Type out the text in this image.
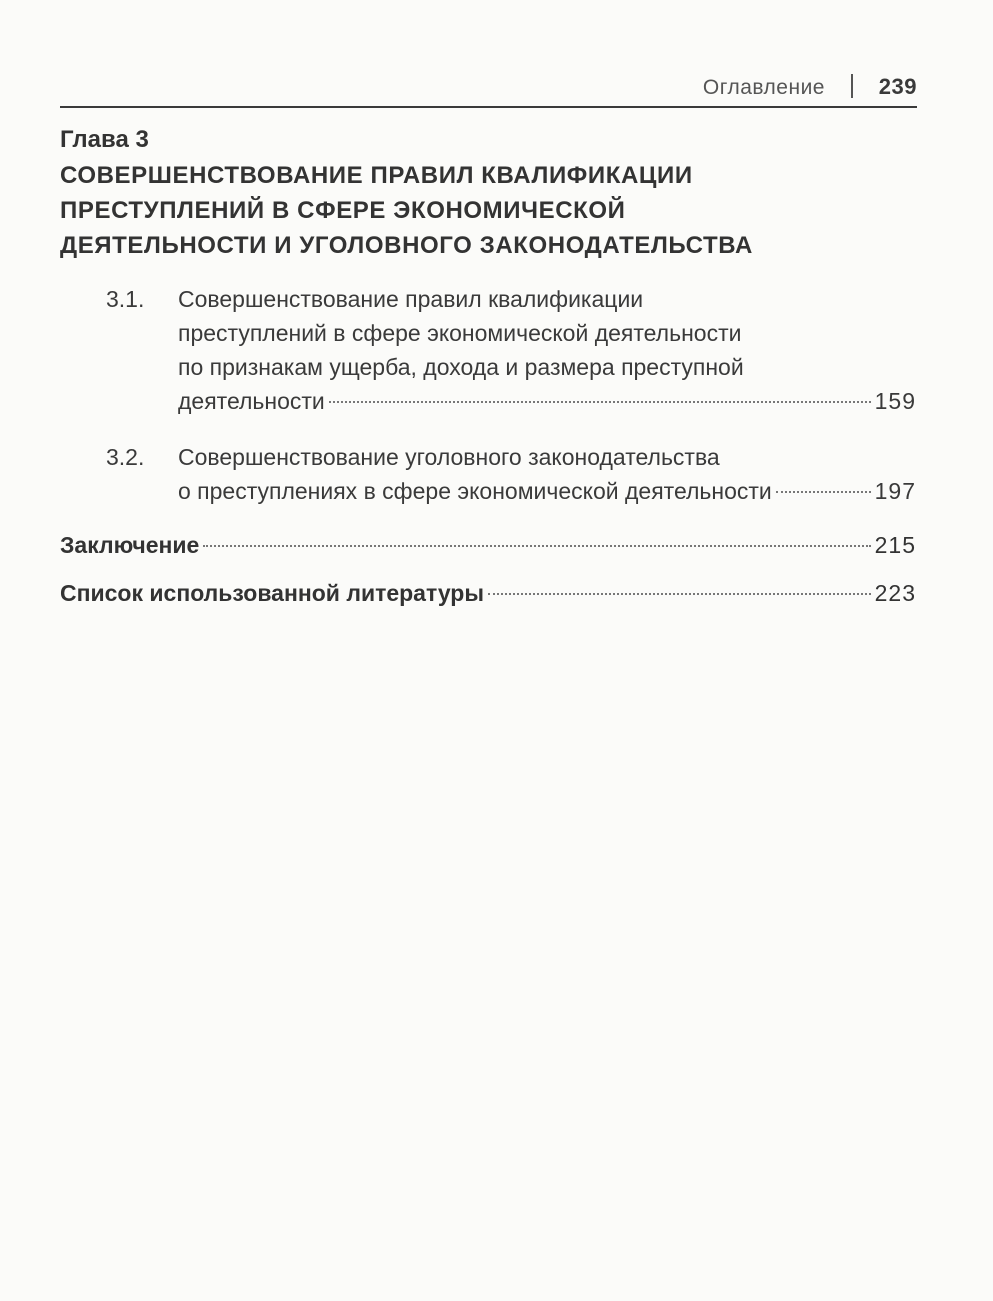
Оглавление 239
Глава 3
СОВЕРШЕНСТВОВАНИЕ ПРАВИЛ КВАЛИФИКАЦИИ
ПРЕСТУПЛЕНИЙ В СФЕРЕ ЭКОНОМИЧЕСКОЙ
ДЕЯТЕЛЬНОСТИ И УГОЛОВНОГО ЗАКОНОДАТЕЛЬСТВА
3.1. Совершенствование правил квалификации
преступлений в сфере экономической деятельности
по признакам ущерба, дохода и размера преступной
деятельности	159
3.2. Совершенствование уголовного законодательства
о преступлениях в сфере экономической деятельности	197
Заключение	215
Список использованной литературы	223
